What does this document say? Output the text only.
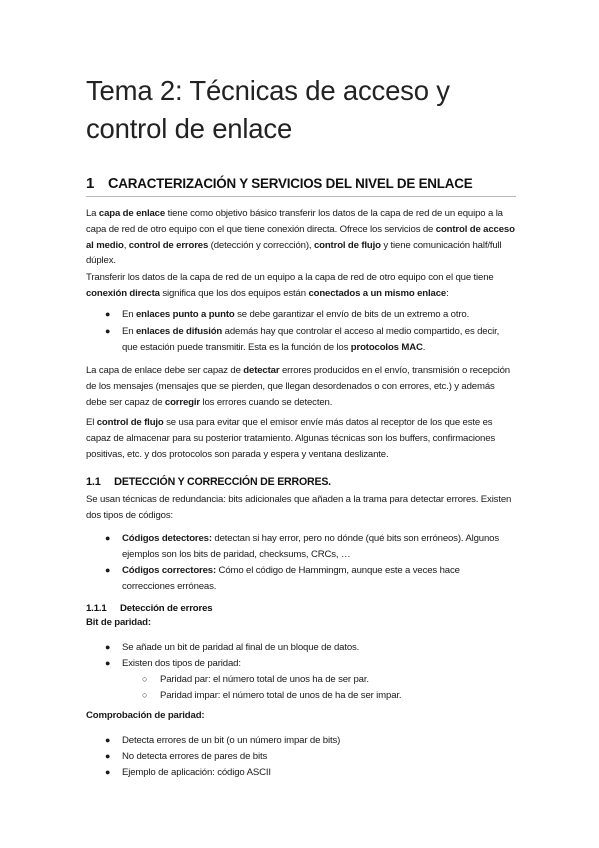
Tema 2: Técnicas de acceso y control de enlace
1 CARACTERIZACIÓN Y SERVICIOS DEL NIVEL DE ENLACE
La capa de enlace tiene como objetivo básico transferir los datos de la capa de red de un equipo a la capa de red de otro equipo con el que tiene conexión directa. Ofrece los servicios de control de acceso al medio, control de errores (detección y corrección), control de flujo y tiene comunicación half/full dúplex.
Transferir los datos de la capa de red de un equipo a la capa de red de otro equipo con el que tiene conexión directa significa que los dos equipos están conectados a un mismo enlace:
● En enlaces punto a punto se debe garantizar el envío de bits de un extremo a otro.
● En enlaces de difusión además hay que controlar el acceso al medio compartido, es decir, que estación puede transmitir. Esta es la función de los protocolos MAC.
La capa de enlace debe ser capaz de detectar errores producidos en el envío, transmisión o recepción de los mensajes (mensajes que se pierden, que llegan desordenados o con errores, etc.) y además debe ser capaz de corregir los errores cuando se detecten.
El control de flujo se usa para evitar que el emisor envíe más datos al receptor de los que este es capaz de almacenar para su posterior tratamiento. Algunas técnicas son los buffers, confirmaciones positivas, etc. y dos protocolos son parada y espera y ventana deslizante.
1.1 DETECCIÓN Y CORRECCIÓN DE ERRORES.
Se usan técnicas de redundancia: bits adicionales que añaden a la trama para detectar errores. Existen dos tipos de códigos:
● Códigos detectores: detectan si hay error, pero no dónde (qué bits son erróneos). Algunos ejemplos son los bits de paridad, checksums, CRCs, …
● Códigos correctores: Cómo el código de Hammingm, aunque este a veces hace correcciones erróneas.
1.1.1 Detección de errores
Bit de paridad:
● Se añade un bit de paridad al final de un bloque de datos.
● Existen dos tipos de paridad:
○ Paridad par: el número total de unos ha de ser par.
○ Paridad impar: el número total de unos de ha de ser impar.
Comprobación de paridad:
● Detecta errores de un bit (o un número impar de bits)
● No detecta errores de pares de bits
● Ejemplo de aplicación: código ASCII
